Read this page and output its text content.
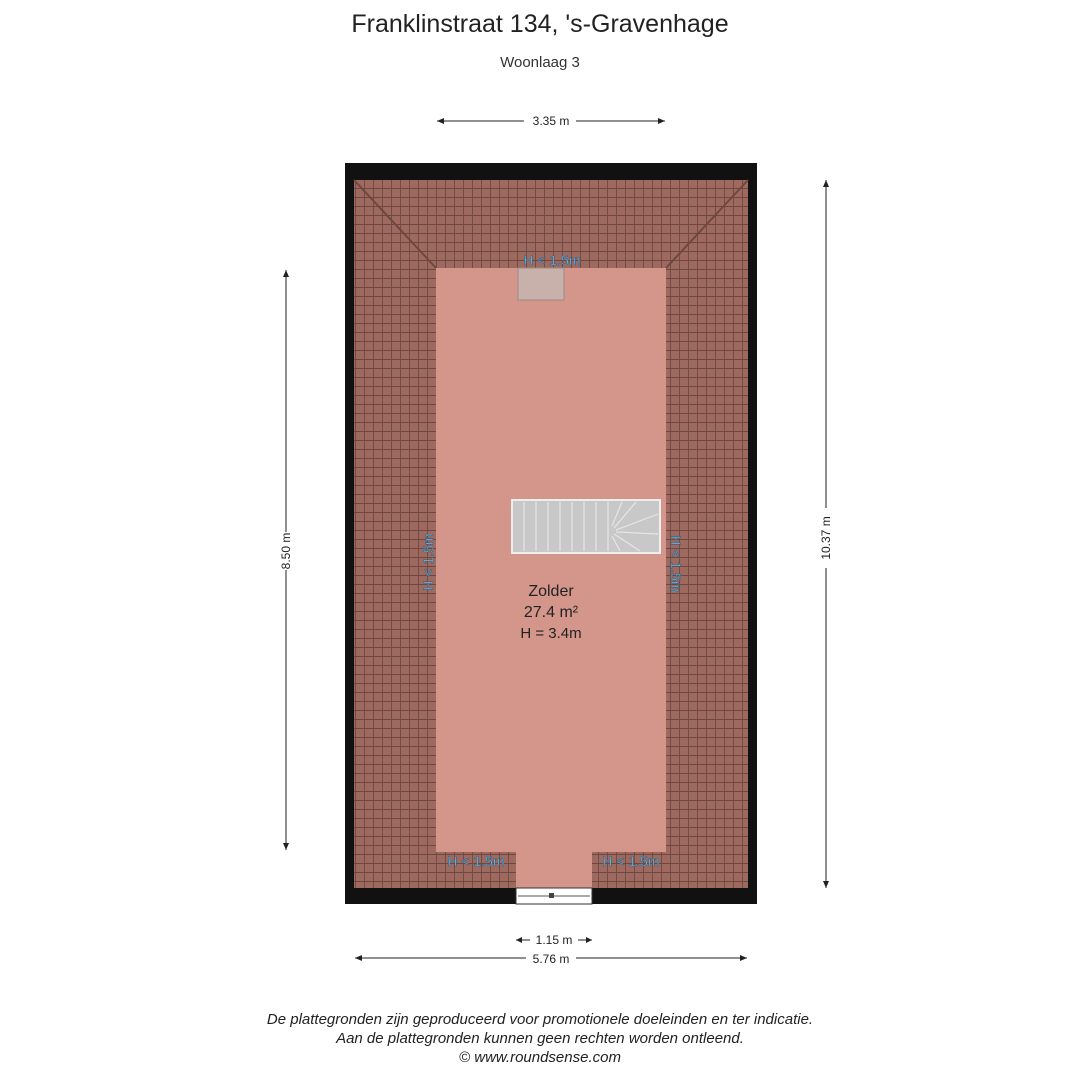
Franklinstraat 134, 's-Gravenhage
Woonlaag 3
Zolder
27.4 m²
H = 3.4m
H < 1.5m
H < 1.5m	H < 1.5m
H < 1.5m	H < 1.5m
3.35 m
8.50 m	10.37 m
1.15 m
5.76 m
De plattegronden zijn geproduceerd voor promotionele doeleinden en ter indicatie.
Aan de plattegronden kunnen geen rechten worden ontleend.
© www.roundsense.com
